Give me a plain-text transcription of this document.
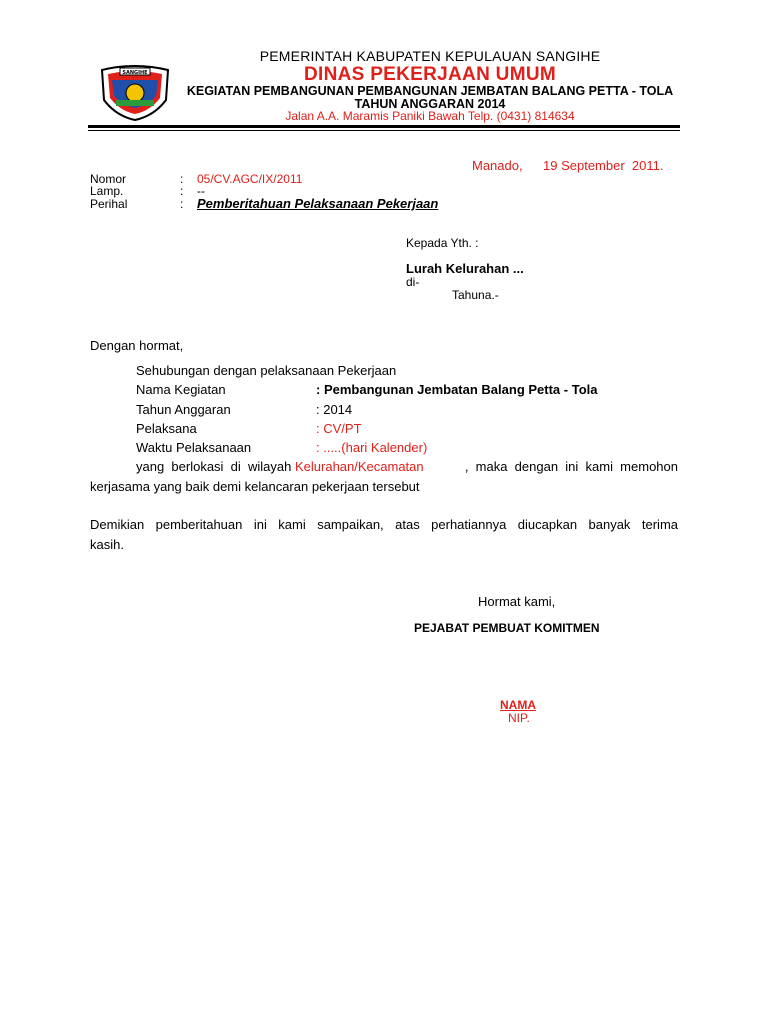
SANGIHE
PEMERINTAH KABUPATEN KEPULAUAN SANGIHE
DINAS PEKERJAAN UMUM
KEGIATAN PEMBANGUNAN PEMBANGUNAN JEMBATAN BALANG PETTA - TOLA
TAHUN ANGGARAN 2014
Jalan A.A. Maramis Paniki Bawah Telp. (0431) 814634
Manado, 19 September  2011.
Nomor	: 05/CV.AGC/IX/2011
Lamp.	: --
Perihal	: Pemberitahuan Pelaksanaan Pekerjaan
Kepada Yth. :
Lurah Kelurahan ...
di-
Tahuna.-
Dengan hormat,
Sehubungan dengan pelaksanaan Pekerjaan
Nama Kegiatan	: Pembangunan Jembatan Balang Petta - Tola
Tahun Anggaran	: 2014
Pelaksana	: CV/PT
Waktu Pelaksanaan	: .....(hari Kalender)
yang  berlokasi  di  wilayah Kelurahan/Kecamatan	,  maka  dengan  ini  kami  memohon
kerjasama yang baik demi kelancaran pekerjaan tersebut
Demikian  pemberitahuan  ini  kami  sampaikan,  atas  perhatiannya  diucapkan  banyak  terima
kasih.
Hormat kami,
PEJABAT PEMBUAT KOMITMEN
NAMA
NIP.
